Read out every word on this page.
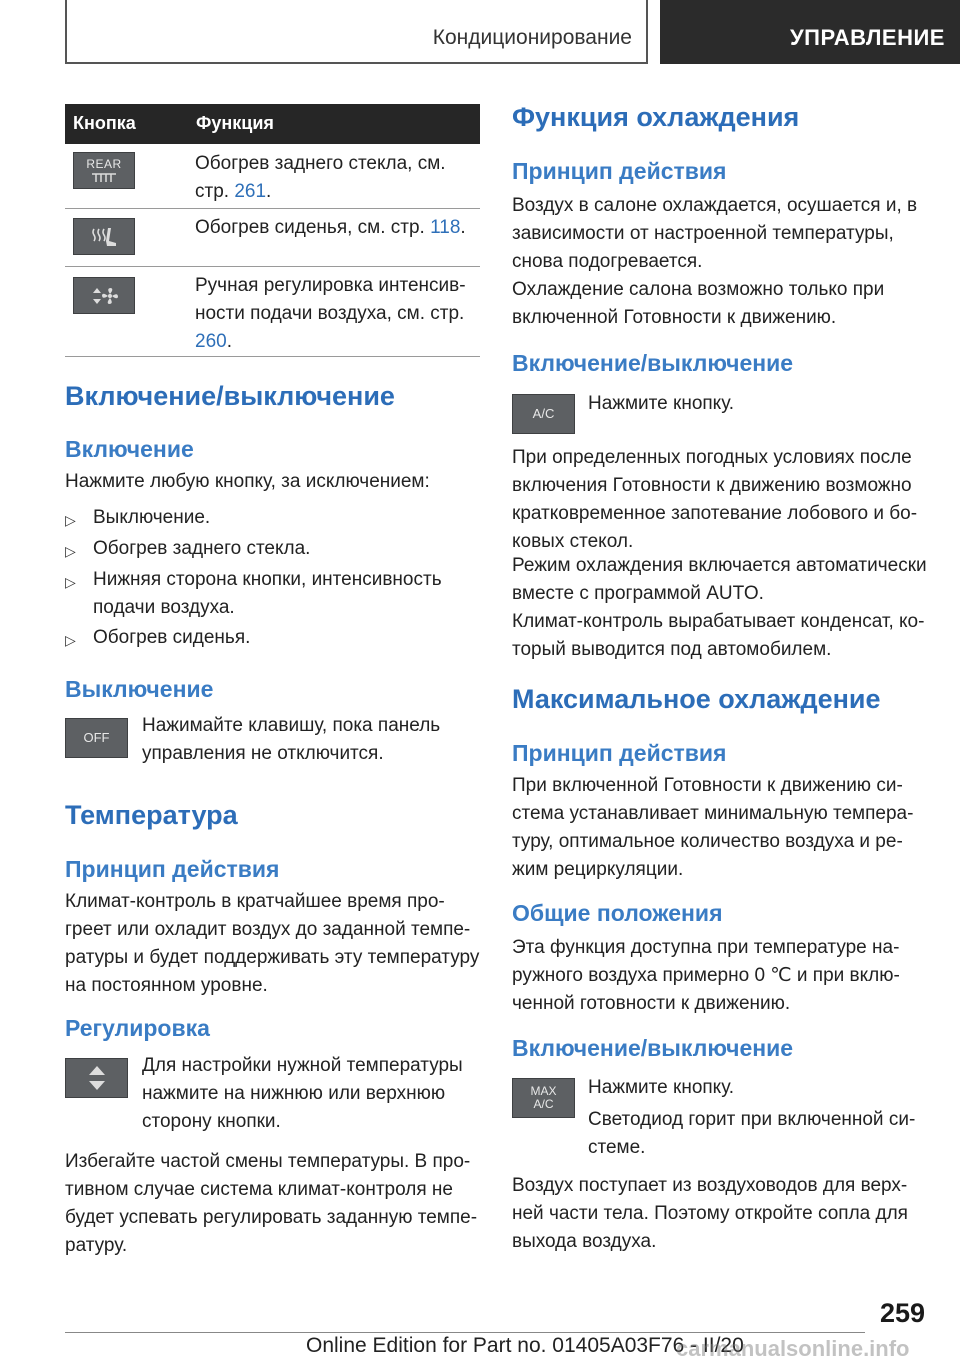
Кондиционирование	УПРАВЛЕНИЕ
Кнопка	Функция
REAR	Обогрев заднего стекла, см. стр. 261.
Обогрев сиденья, см. стр. 118.
Ручная регулировка интенсив-ности подачи воздуха, см. стр. 260.
Включение/выключение
Включение
Нажмите любую кнопку, за исключением:
▷ Выключение.
▷ Обогрев заднего стекла.
▷ Нижняя сторона кнопки, интенсивность подачи воздуха.
▷ Обогрев сиденья.
Выключение
OFF
Нажимайте клавишу, пока панель управления не отключится.
Температура
Принцип действия
Климат-контроль в кратчайшее время про-греет или охладит воздух до заданной темпе-ратуры и будет поддерживать эту температуру на постоянном уровне.
Регулировка
Для настройки нужной температуры нажмите на нижнюю или верхнюю сторону кнопки.
Избегайте частой смены температуры. В про-тивном случае система климат-контроля не будет успевать регулировать заданную темпе-ратуру.
Функция охлаждения
Принцип действия
Воздух в салоне охлаждается, осушается и, в зависимости от настроенной температуры, снова подогревается.
Охлаждение салона возможно только при включенной Готовности к движению.
Включение/выключение
A/C	Нажмите кнопку.
При определенных погодных условиях после включения Готовности к движению возможно кратковременное запотевание лобового и бо-ковых стекол.
Режим охлаждения включается автоматически вместе с программой AUTO.
Климат-контроль вырабатывает конденсат, ко-торый выводится под автомобилем.
Максимальное охлаждение
Принцип действия
При включенной Готовности к движению си-стема устанавливает минимальную темпера-туру, оптимальное количество воздуха и ре-жим рециркуляции.
Общие положения
Эта функция доступна при температуре на-ружного воздуха примерно 0 ℃ и при вклю-ченной готовности к движению.
Включение/выключение
MAX
A/C
Нажмите кнопку.
Светодиод горит при включенной си-стеме.
Воздух поступает из воздуховодов для верх-ней части тела. Поэтому откройте сопла для выхода воздуха.
259
Online Edition for Part no. 01405A03F76 - II/20
carmanualsonline.info
